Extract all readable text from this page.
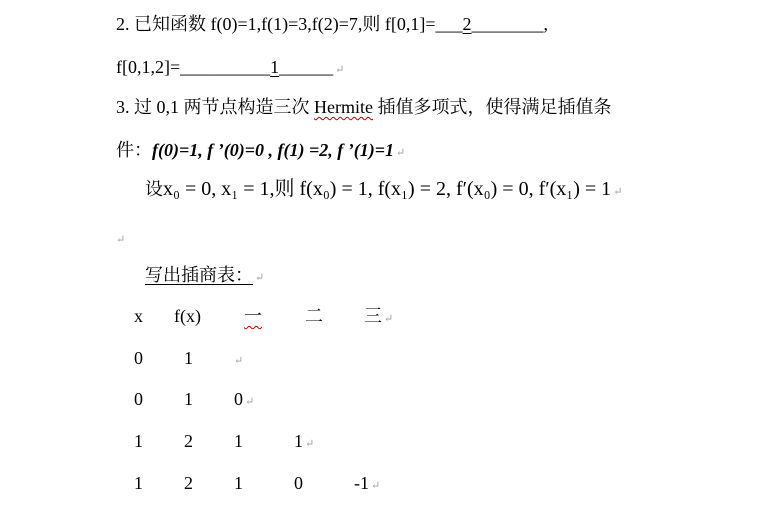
2. 已知函数 f(0)=1,f(1)=3,f(2)=7,则 f[0,1]=___2________,
f[0,1,2]=__________1______ ↵
3. 过 0,1 两节点构造三次 Hermite 插值多项式，使得满足插值条
件：f(0)=1, f ’(0)=0 , f(1) =2, f ’(1)=1 ↵
设x₀ = 0, x₁ = 1,则 f(x₀) = 1, f(x₁) = 2, f′(x₀) = 0, f′(x₁) = 1 ↵
↵
写出插商表： ↵
x f(x) 一 二 三 ↵
0 1	↵
0 1 0 ↵
1 2 1	1 ↵
1 2 1	0	-1 ↵
